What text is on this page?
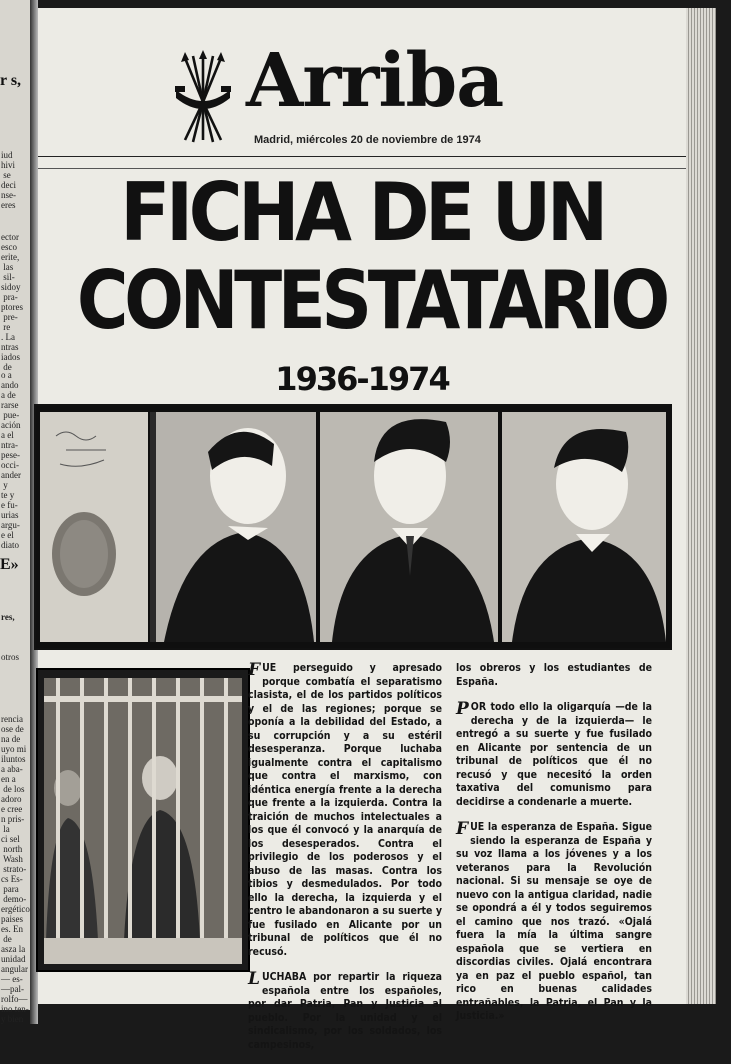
r s,
iud
hivi
se
deci
nse-
eres
ector
esco
erite,
las
sil-
sidoy
pra-
ptores
pre-
re
. La
ntras
iados
de
o a
ando
a de
rarse
pue-
ación
a el
ntra-
pese-
occi-
ander
y
te y
e fu-
urias
argu-
e el
diato
E»
res,
otros
rencia
ose de
na de
uyo mi
iluntos
a aba-
en a
de los
adoro
e cree
n pris-
la
ci sel
north
Wash
strato-
cs Es-
para
demo-
ergético
paises
es. En
de
asza la
unidad
angular
— es-
—pal-
rolfo—
ino ten-
y bien
Arriba
Madrid, miércoles 20 de noviembre de 1974
FICHA DE UN
CONTESTATARIO
1936-1974

FUE perseguido y apresado porque combatía el separatismo clasista, el de los partidos políticos y el de las regiones; porque se oponía a la debilidad del Estado, a su corrupción y a su estéril desesperanza. Porque luchaba igualmente contra el capitalismo que contra el marxismo, con idéntica energía frente a la derecha que frente a la izquierda. Contra la traición de muchos intelectuales a los que él convocó y la anarquía de los desesperados. Contra el privilegio de los poderosos y el abuso de las masas. Contra los tibios y desmedulados. Por todo ello la derecha, la izquierda y el centro le abandonaron a su suerte y fue fusilado en Alicante por un tribunal de políticos que él no recusó.

LUCHABA por repartir la riqueza española entre los españoles, por dar Patria, Pan y Justicia al pueblo. Por la unidad y el sindicalismo, por los soldados, los campesinos,

los obreros y los estudiantes de España.

POR todo ello la oligarquía —de la derecha y de la izquierda— le entregó a su suerte y fue fusilado en Alicante por sentencia de un tribunal de políticos que él no recusó y que necesitó la orden taxativa del comunismo para decidirse a condenarle a muerte.

FUE la esperanza de España. Sigue siendo la esperanza de España y su voz llama a los jóvenes y a los veteranos para la Revolución nacional. Si su mensaje se oye de nuevo con la antigua claridad, nadie se opondrá a él y todos seguiremos el camino que nos trazó. «Ojalá fuera la mía la última sangre española que se vertiera en discordias civiles. Ojalá encontrara ya en paz el pueblo español, tan rico en buenas calidades entrañables, la Patria, el Pan y la Justicia.»
